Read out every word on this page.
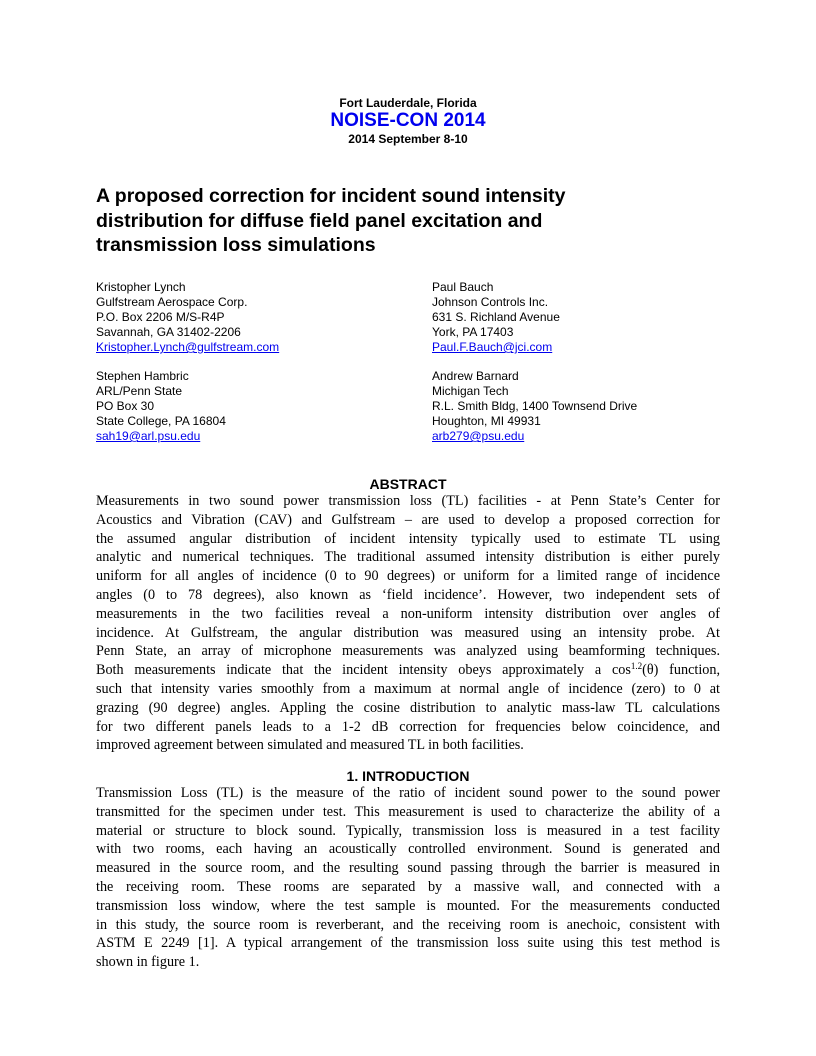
Fort Lauderdale, Florida
NOISE-CON 2014
2014 September 8-10
A proposed correction for incident sound intensity
distribution for diffuse field panel excitation and
transmission loss simulations
Kristopher Lynch
Gulfstream Aerospace Corp.
P.O. Box 2206 M/S-R4P
Savannah, GA 31402-2206
Kristopher.Lynch@gulfstream.com
Paul Bauch
Johnson Controls Inc.
631 S. Richland Avenue
York, PA 17403
Paul.F.Bauch@jci.com
Stephen Hambric
ARL/Penn State
PO Box 30
State College, PA 16804
sah19@arl.psu.edu
Andrew Barnard
Michigan Tech
R.L. Smith Bldg, 1400 Townsend Drive
Houghton, MI 49931
arb279@psu.edu
ABSTRACT
Measurements in two sound power transmission loss (TL) facilities - at Penn State’s Center for
Acoustics and Vibration (CAV) and Gulfstream – are used to develop a proposed correction for
the assumed angular distribution of incident intensity typically used to estimate TL using
analytic and numerical techniques. The traditional assumed intensity distribution is either purely
uniform for all angles of incidence (0 to 90 degrees) or uniform for a limited range of incidence
angles (0 to 78 degrees), also known as ‘field incidence’. However, two independent sets of
measurements in the two facilities reveal a non-uniform intensity distribution over angles of
incidence. At Gulfstream, the angular distribution was measured using an intensity probe. At
Penn State, an array of microphone measurements was analyzed using beamforming techniques.
Both measurements indicate that the incident intensity obeys approximately a $\cos^{1.2}(\theta)$ function,
such that intensity varies smoothly from a maximum at normal angle of incidence (zero) to 0 at
grazing (90 degree) angles. Appling the cosine distribution to analytic mass-law TL calculations
for two different panels leads to a 1-2 dB correction for frequencies below coincidence, and
improved agreement between simulated and measured TL in both facilities.
1. INTRODUCTION
Transmission Loss (TL) is the measure of the ratio of incident sound power to the sound power
transmitted for the specimen under test. This measurement is used to characterize the ability of a
material or structure to block sound. Typically, transmission loss is measured in a test facility
with two rooms, each having an acoustically controlled environment. Sound is generated and
measured in the source room, and the resulting sound passing through the barrier is measured in
the receiving room. These rooms are separated by a massive wall, and connected with a
transmission loss window, where the test sample is mounted. For the measurements conducted
in this study, the source room is reverberant, and the receiving room is anechoic, consistent with
ASTM E 2249 [1]. A typical arrangement of the transmission loss suite using this test method is
shown in figure 1.
